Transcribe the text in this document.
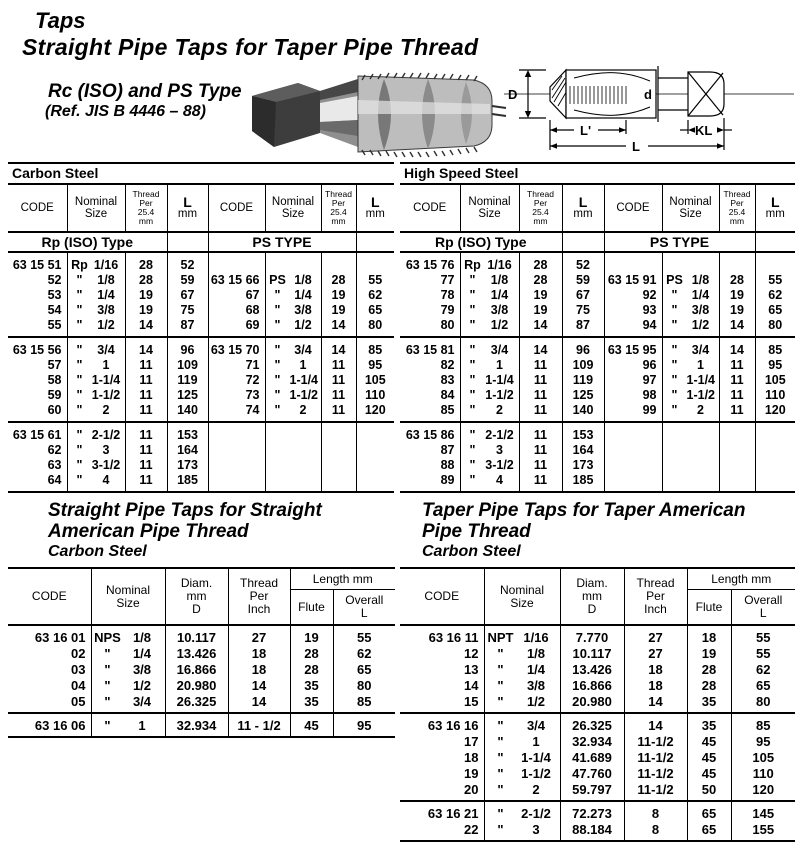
Taps
Straight Pipe Taps for Taper Pipe Thread
Rc (ISO) and PS Type
(Ref. JIS B 4446 – 88)
D	d
L'	KL
L
Carbon Steel
CODE

Nominal
Size

Thread
Per
25.4
mm

L
mm

CODE

Nominal
Size

Thread
Per
25.4
mm

L
mm

Rp (ISO) Type				PS TYPE			
63 15 51	Rp 1/16	28	52				
52	" 1/8	28	59	63 15 66	PS 1/8	28	55
53	" 1/4	19	67	67	" 1/4	19	62
54	" 3/8	19	75	68	" 3/8	19	65
55	" 1/2	14	87	69	" 1/2	14	80
63 15 56	" 3/4	14	96	63 15 70	" 3/4	14	85
57	" 1	11	109	71	" 1	11	95
58	" 1-1/4	11	119	72	" 1-1/4	11	105
59	" 1-1/2	11	125	73	" 1-1/2	11	110
60	" 2	11	140	74	" 2	11	120
63 15 61	" 2-1/2	11	153				
62	" 3	11	164				
63	" 3-1/2	11	173				
64	" 4	11	185				
High Speed Steel
CODE

Nominal
Size

Thread
Per
25.4
mm

L
mm

CODE

Nominal
Size

Thread
Per
25.4
mm

L
mm

Rp (ISO) Type				PS TYPE			
63 15 76	Rp 1/16	28	52				
77	" 1/8	28	59	63 15 91	PS 1/8	28	55
78	" 1/4	19	67	92	" 1/4	19	62
79	" 3/8	19	75	93	" 3/8	19	65
80	" 1/2	14	87	94	" 1/2	14	80
63 15 81	" 3/4	14	96	63 15 95	" 3/4	14	85
82	" 1	11	109	96	" 1	11	95
83	" 1-1/4	11	119	97	" 1-1/4	11	105
84	" 1-1/2	11	125	98	" 1-1/2	11	110
85	" 2	11	140	99	" 2	11	120
63 15 86	" 2-1/2	11	153				
87	" 3	11	164				
88	" 3-1/2	11	173				
89	" 4	11	185				
Straight Pipe Taps for Straight
American Pipe Thread
Carbon Steel
CODE	Nominal
Size

Diam.
mm
D

Thread
Per
Inch
	Length mm
				Flute	Overall
L

63 16 01	NPS 1/8	10.117	27	19	55
02	" 1/4	13.426	18	28	62
03	" 3/8	16.866	18	28	65
04	" 1/2	20.980	14	35	80
05	" 3/4	26.325	14	35	85
63 16 06	" 1	32.934	11 - 1/2	45	95
Taper Pipe Taps for Taper American
Pipe Thread
Carbon Steel
CODE	Nominal
Size

Diam.
mm
D

Thread
Per
Inch
	Length mm
				Flute	Overall
L

63 16 11	NPT 1/16	7.770	27	18	55
12	" 1/8	10.117	27	19	55
13	" 1/4	13.426	18	28	62
14	" 3/8	16.866	18	28	65
15	" 1/2	20.980	14	35	80
63 16 16	" 3/4	26.325	14	35	85
17	" 1	32.934	11-1/2	45	95
18	" 1-1/4	41.689	11-1/2	45	105
19	" 1-1/2	47.760	11-1/2	45	110
20	" 2	59.797	11-1/2	50	120
63 16 21	" 2-1/2	72.273	8	65	145
22	" 3	88.184	8	65	155
